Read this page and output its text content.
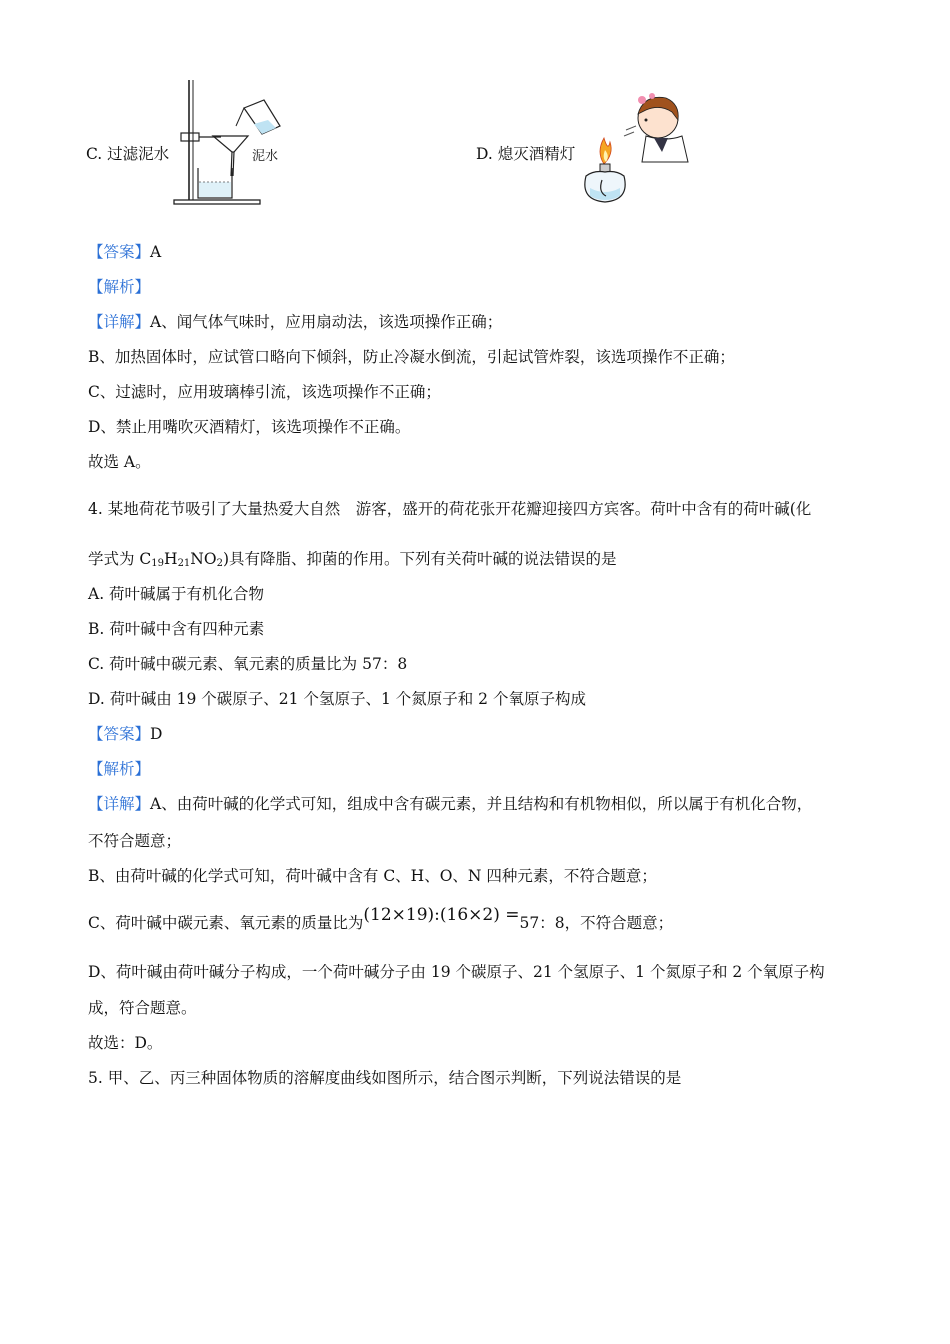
C. 过滤泥水	泥水	D. 熄灭酒精灯
【答案】A
【解析】
【详解】A、闻气体气味时，应用扇动法，该选项操作正确；
B、加热固体时，应试管口略向下倾斜，防止冷凝水倒流，引起试管炸裂，该选项操作不正确；
C、过滤时，应用玻璃棒引流，该选项操作不正确；
D、禁止用嘴吹灭酒精灯，该选项操作不正确。
故选 A。
4. 某地荷花节吸引了大量热爱大自然　游客，盛开的荷花张开花瓣迎接四方宾客。荷叶中含有的荷叶碱(化
学式为 $C_{19}H_{21}NO_2$)具有降脂、抑菌的作用。下列有关荷叶碱的说法错误的是
A. 荷叶碱属于有机化合物
B. 荷叶碱中含有四种元素
C. 荷叶碱中碳元素、氧元素的质量比为 57：8
D. 荷叶碱由 19 个碳原子、21 个氢原子、1 个氮原子和 2 个氧原子构成
【答案】D
【解析】
【详解】A、由荷叶碱的化学式可知，组成中含有碳元素，并且结构和有机物相似，所以属于有机化合物，
不符合题意；
B、由荷叶碱的化学式可知，荷叶碱中含有 C、H、O、N 四种元素，不符合题意；
C、荷叶碱中碳元素、氧元素的质量比为(12×19):(16×2) =57：8，不符合题意；
D、荷叶碱由荷叶碱分子构成，一个荷叶碱分子由 19 个碳原子、21 个氢原子、1 个氮原子和 2 个氧原子构
成，符合题意。
故选：D。
5. 甲、乙、丙三种固体物质的溶解度曲线如图所示，结合图示判断，下列说法错误的是
